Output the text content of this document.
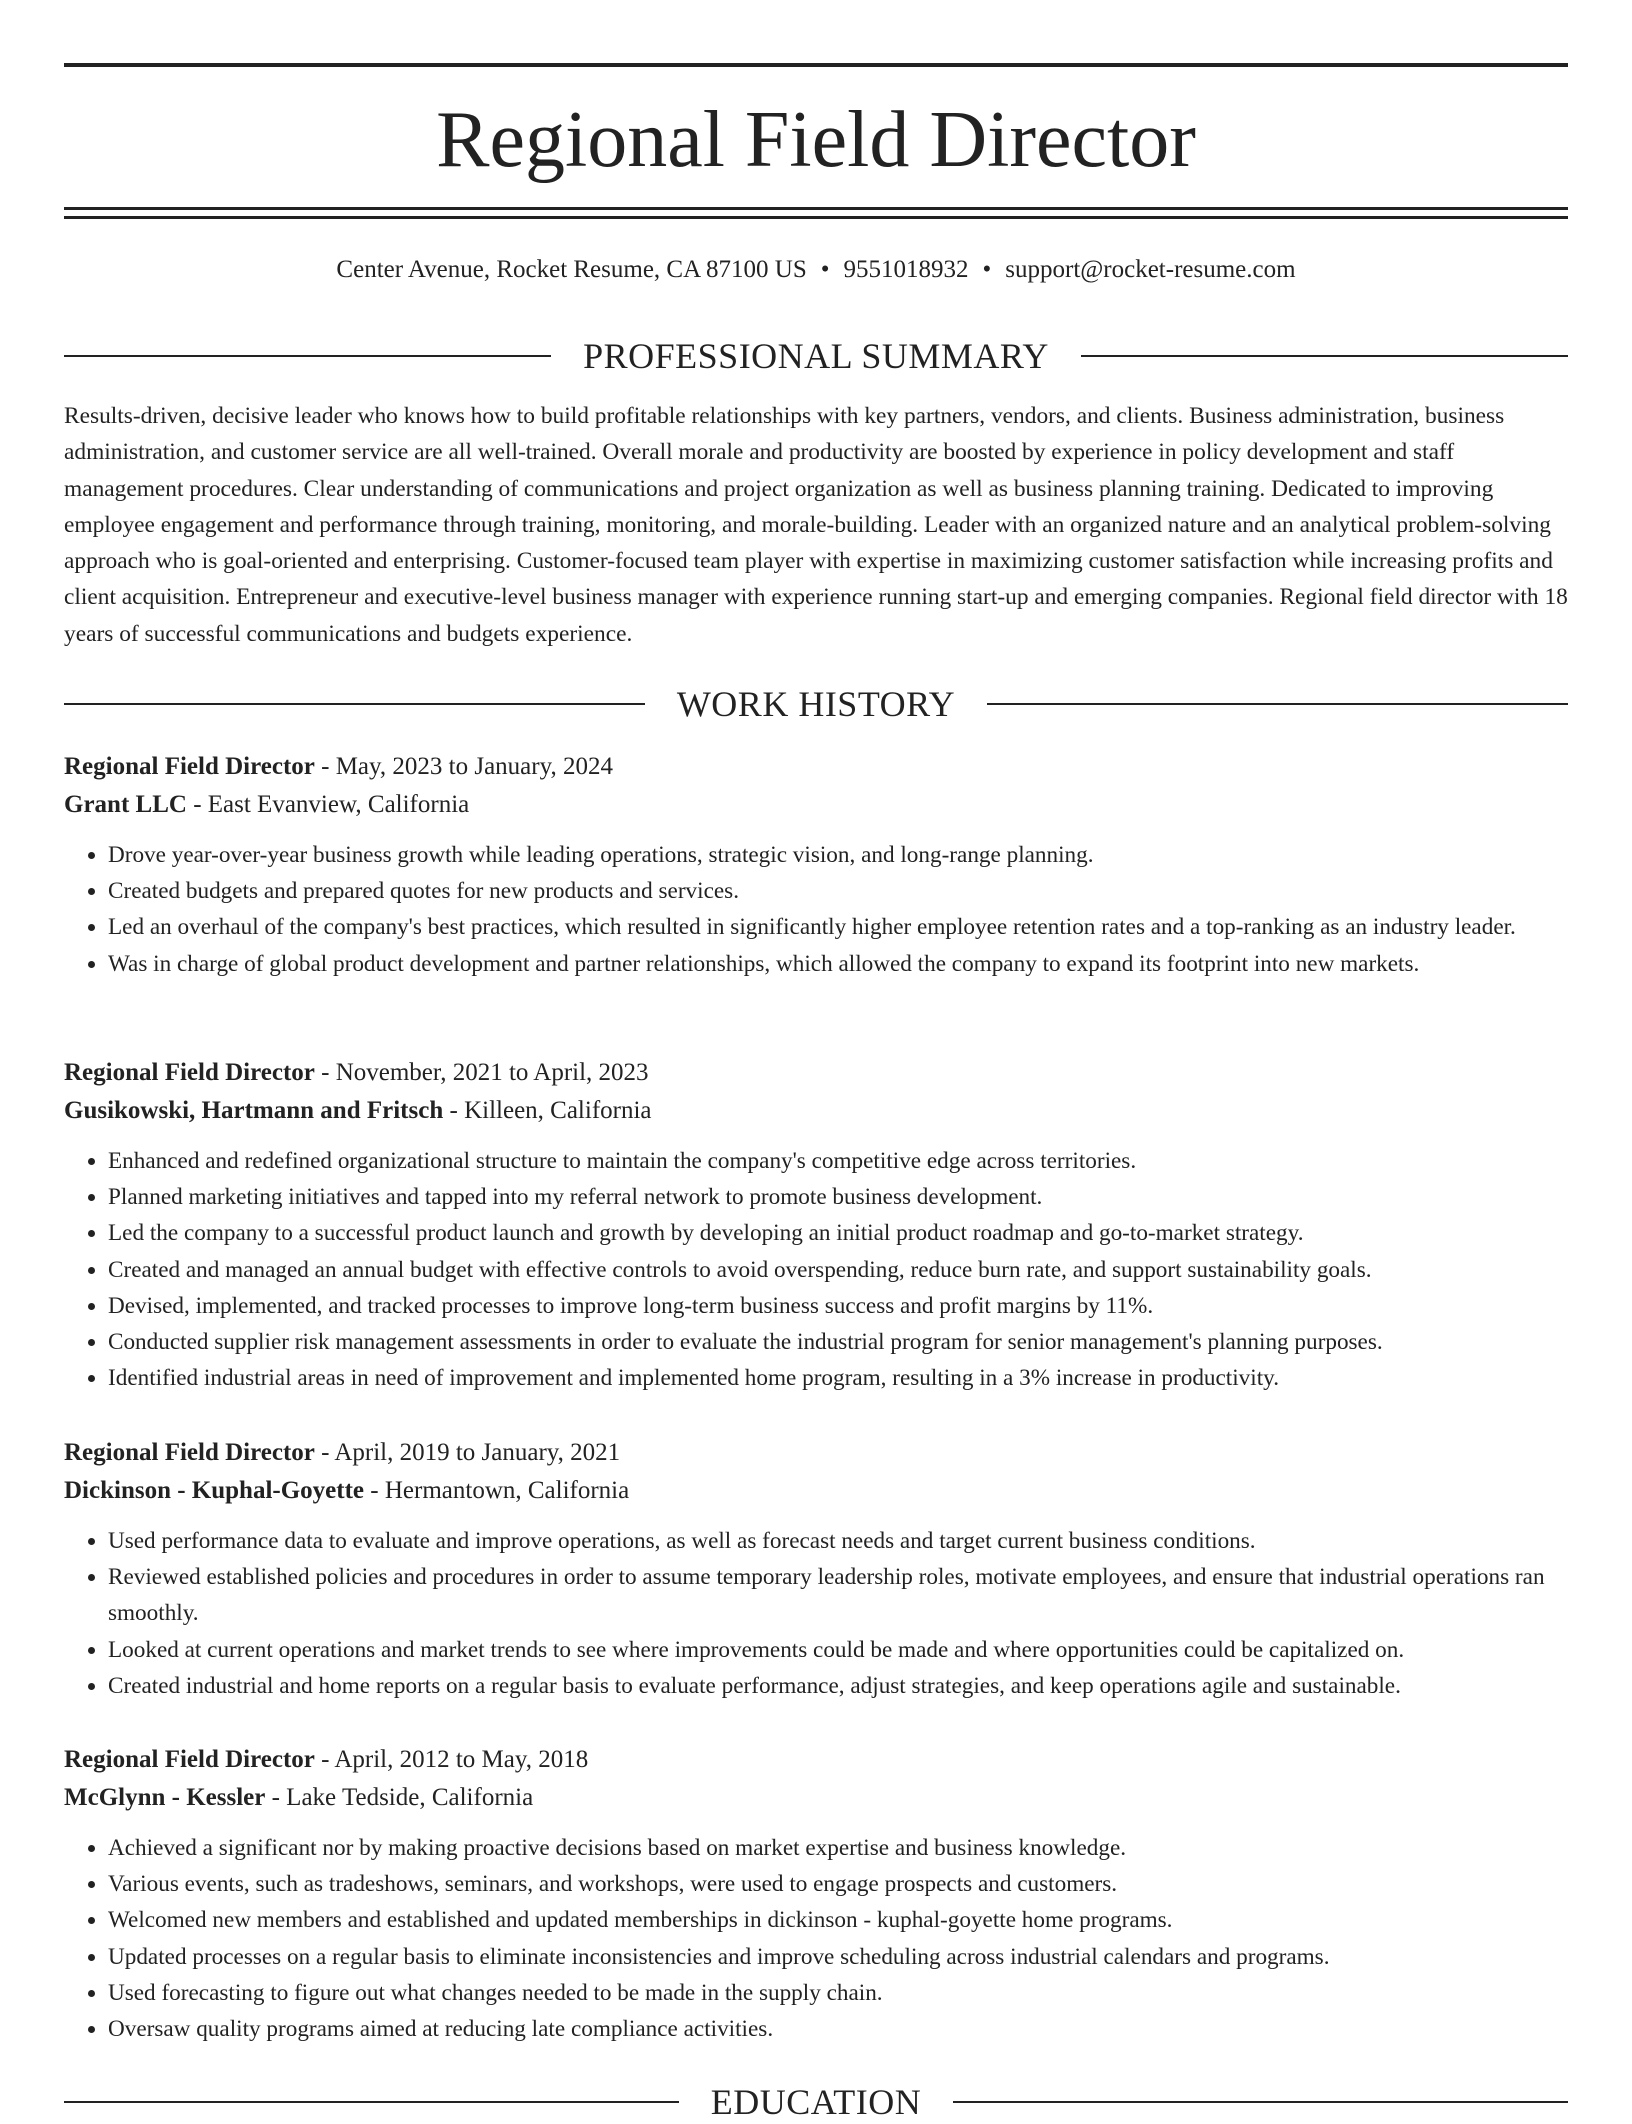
Regional Field Director
Center Avenue, Rocket Resume, CA 87100 US • 9551018932 • support@rocket-resume.com
PROFESSIONAL SUMMARY

Results-driven, decisive leader who knows how to build profitable relationships with key partners, vendors, and clients. Business administration, business administration, and customer service are all well-trained. Overall morale and productivity are boosted by experience in policy development and staff management procedures. Clear understanding of communications and project organization as well as business planning training. Dedicated to improving employee engagement and performance through training, monitoring, and morale-building. Leader with an organized nature and an analytical problem-solving approach who is goal-oriented and enterprising. Customer-focused team player with expertise in maximizing customer satisfaction while increasing profits and client acquisition. Entrepreneur and executive-level business manager with experience running start-up and emerging companies. Regional field director with 18 years of successful communications and budgets experience.

WORK HISTORY

Regional Field Director - May, 2023 to January, 2024

Grant LLC - East Evanview, California

• Drove year-over-year business growth while leading operations, strategic vision, and long-range planning.
• Created budgets and prepared quotes for new products and services.
• Led an overhaul of the company's best practices, which resulted in significantly higher employee retention rates and a top-ranking as an industry leader.
• Was in charge of global product development and partner relationships, which allowed the company to expand its footprint into new markets.

Regional Field Director - November, 2021 to April, 2023

Gusikowski, Hartmann and Fritsch - Killeen, California

• Enhanced and redefined organizational structure to maintain the company's competitive edge across territories.
• Planned marketing initiatives and tapped into my referral network to promote business development.
• Led the company to a successful product launch and growth by developing an initial product roadmap and go-to-market strategy.
• Created and managed an annual budget with effective controls to avoid overspending, reduce burn rate, and support sustainability goals.
• Devised, implemented, and tracked processes to improve long-term business success and profit margins by 11%.
• Conducted supplier risk management assessments in order to evaluate the industrial program for senior management's planning purposes.
• Identified industrial areas in need of improvement and implemented home program, resulting in a 3% increase in productivity.

Regional Field Director - April, 2019 to January, 2021

Dickinson - Kuphal-Goyette - Hermantown, California

• Used performance data to evaluate and improve operations, as well as forecast needs and target current business conditions.
• Reviewed established policies and procedures in order to assume temporary leadership roles, motivate employees, and ensure that industrial operations ran smoothly.
• Looked at current operations and market trends to see where improvements could be made and where opportunities could be capitalized on.
• Created industrial and home reports on a regular basis to evaluate performance, adjust strategies, and keep operations agile and sustainable.

Regional Field Director - April, 2012 to May, 2018

McGlynn - Kessler - Lake Tedside, California

• Achieved a significant nor by making proactive decisions based on market expertise and business knowledge.
• Various events, such as tradeshows, seminars, and workshops, were used to engage prospects and customers.
• Welcomed new members and established and updated memberships in dickinson - kuphal-goyette home programs.
• Updated processes on a regular basis to eliminate inconsistencies and improve scheduling across industrial calendars and programs.
• Used forecasting to figure out what changes needed to be made in the supply chain.
• Oversaw quality programs aimed at reducing late compliance activities.
EDUCATION
